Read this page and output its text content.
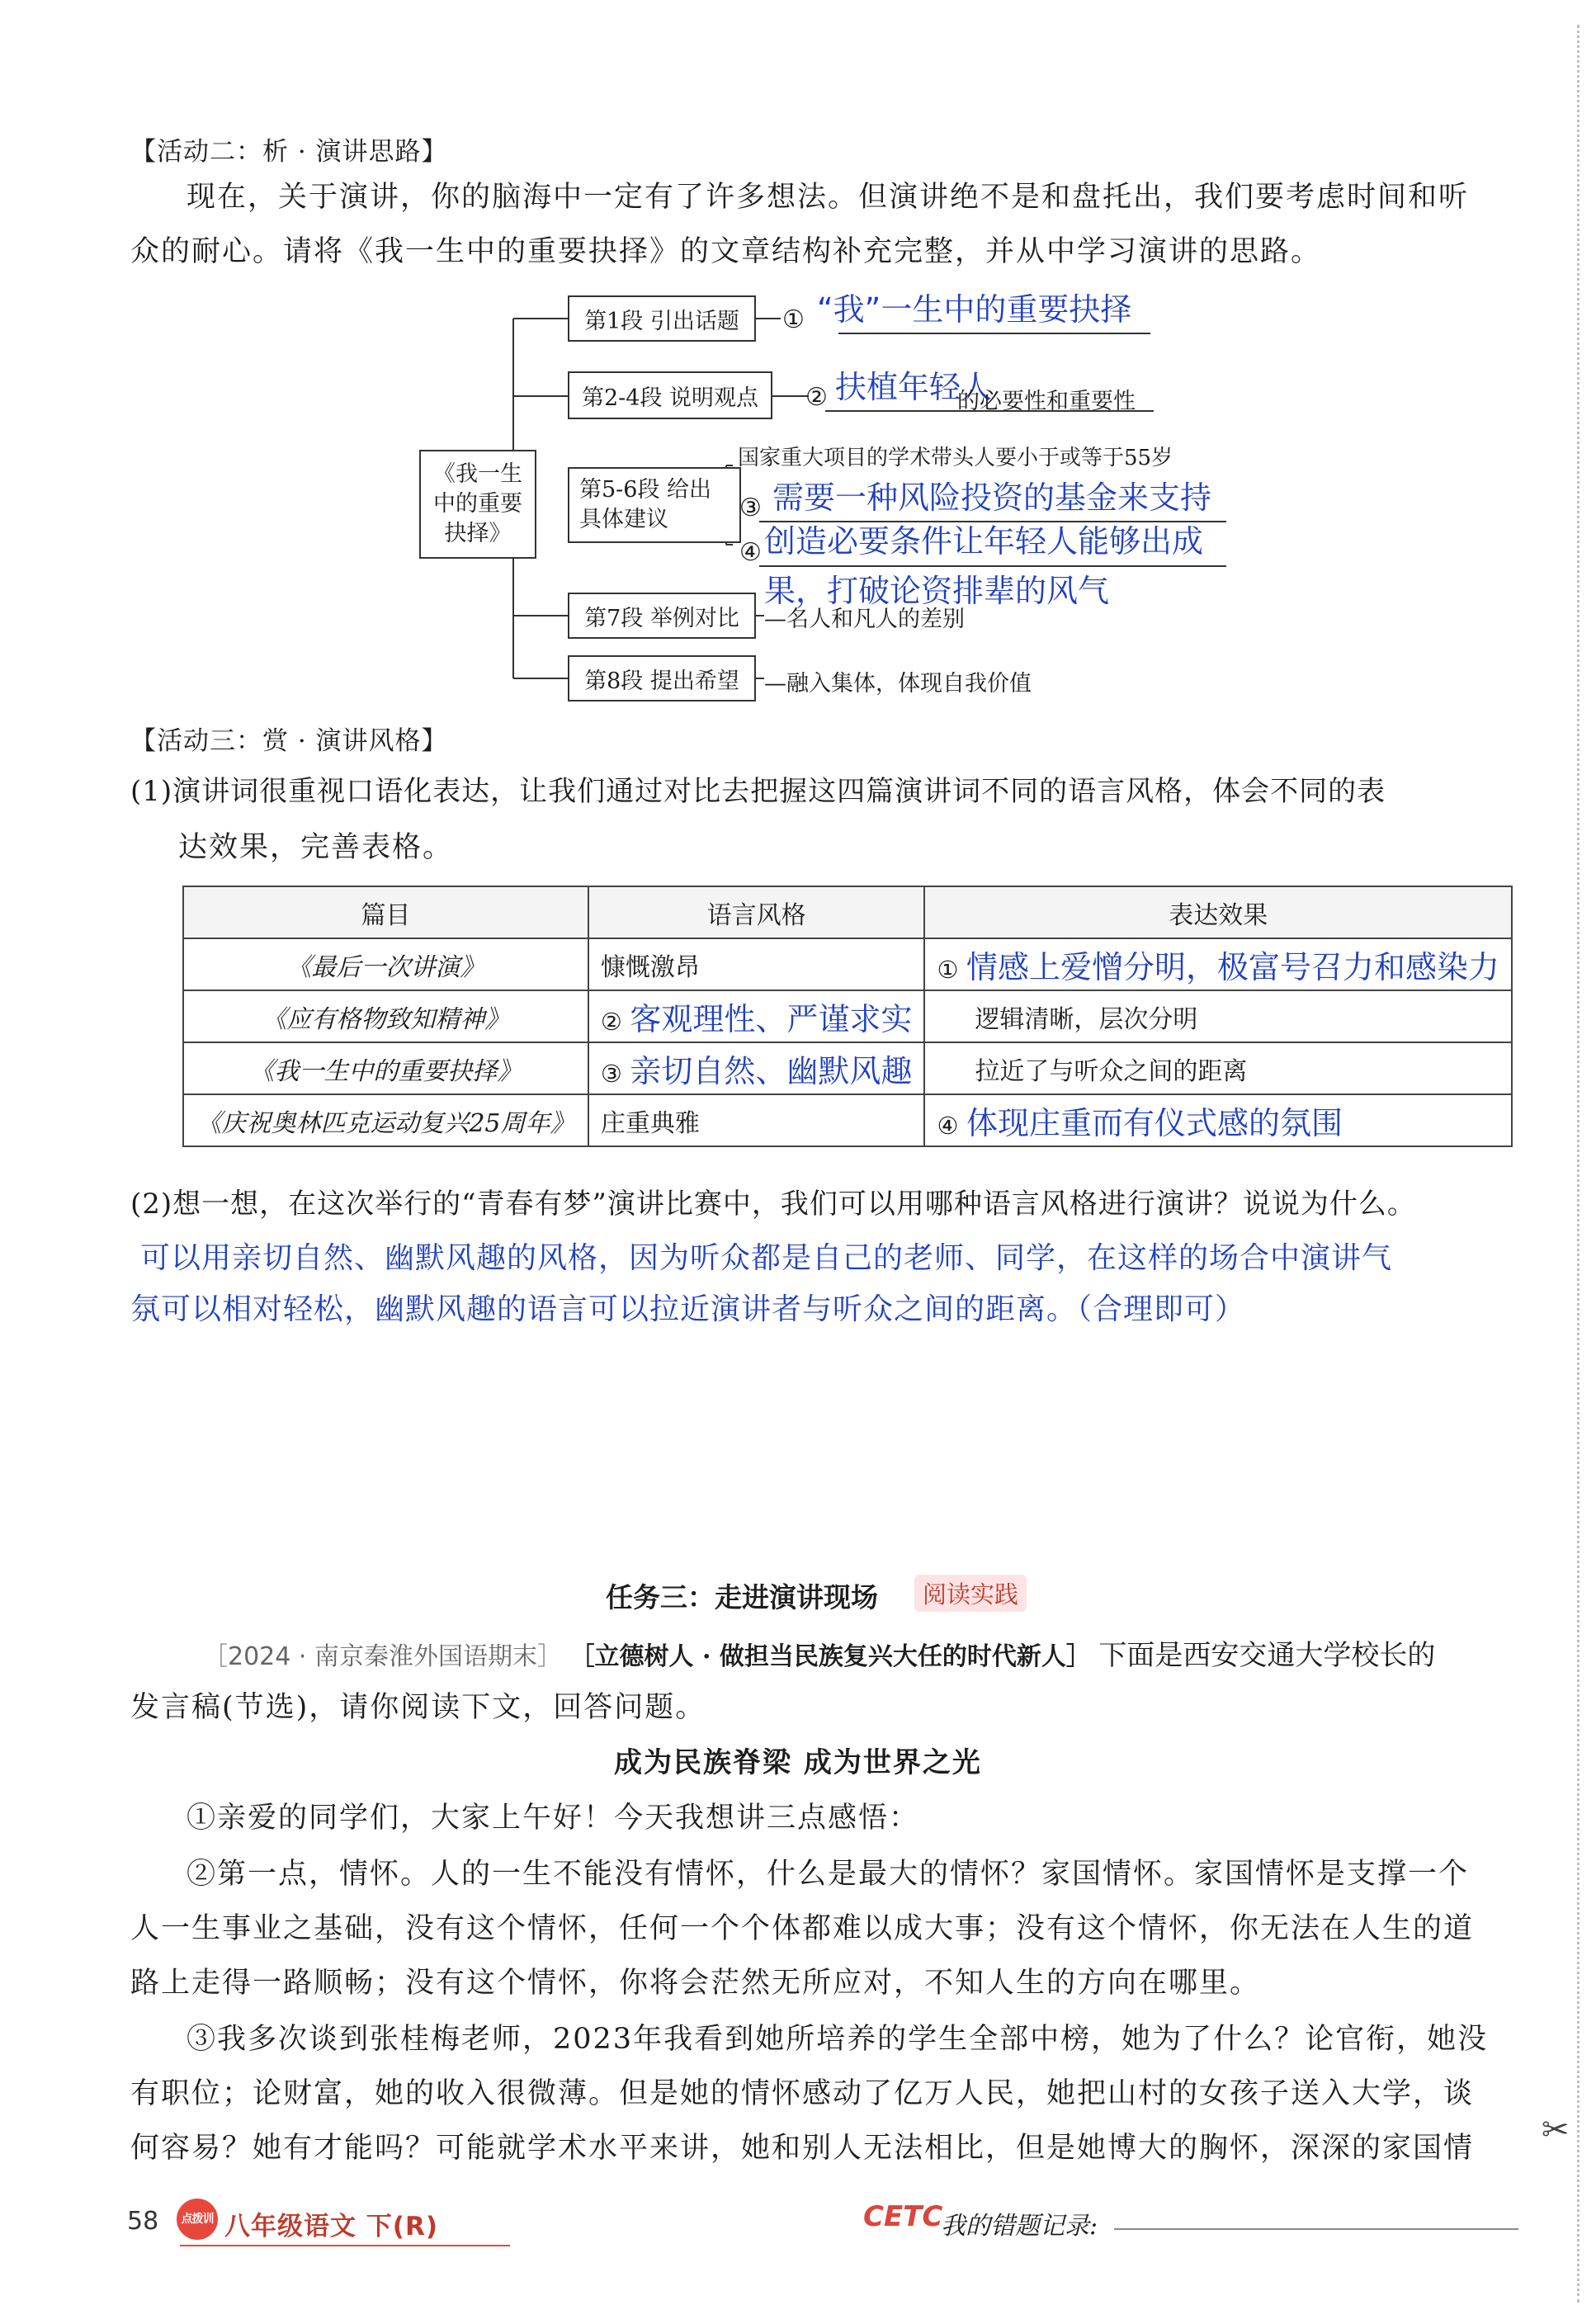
✂
【活动二：析 · 演讲思路】
现在，关于演讲，你的脑海中一定有了许多想法。但演讲绝不是和盘托出，我们要考虑时间和听
众的耐心。请将《我一生中的重要抉择》的文章结构补充完整，并从中学习演讲的思路。
《我一生中的重要抉择》
第1段 引出话题 ① “我”一生中的重要抉择
第2-4段 说明观点 ② 扶植年轻人
的必要性和重要性
第5-6段 给出具体建议
国家重大项目的学术带头人要小于或等于55岁
③ 需要一种风险投资的基金来支持
④ 创造必要条件让年轻人能够出成果，打破论资排辈的风气
第7段 举例对比 —名人和凡人的差别
第8段 提出希望 —融入集体，体现自我价值
【活动三：赏 · 演讲风格】
(1)演讲词很重视口语化表达，让我们通过对比去把握这四篇演讲词不同的语言风格，体会不同的表
达效果，完善表格。
篇目	语言风格	表达效果
《最后一次讲演》	慷慨激昂	① 情感上爱憎分明，极富号召力和感染力
《应有格物致知精神》	② 客观理性、严谨求实	逻辑清晰，层次分明
《我一生中的重要抉择》	③ 亲切自然、幽默风趣	拉近了与听众之间的距离
《庆祝奥林匹克运动复兴25周年》	庄重典雅	④ 体现庄重而有仪式感的氛围
(2)想一想，在这次举行的“青春有梦”演讲比赛中，我们可以用哪种语言风格进行演讲？说说为什么。
可以用亲切自然、幽默风趣的风格，因为听众都是自己的老师、同学，在这样的场合中演讲气
氛可以相对轻松，幽默风趣的语言可以拉近演讲者与听众之间的距离。（合理即可）
任务三：走进演讲现场	阅读实践
［2024 · 南京秦淮外国语期末］ ［立德树人 · 做担当民族复兴大任的时代新人］ 下面是西安交通大学校长的
发言稿(节选)，请你阅读下文，回答问题。
成为民族脊梁 成为世界之光
①亲爱的同学们，大家上午好！今天我想讲三点感悟：
②第一点，情怀。人的一生不能没有情怀，什么是最大的情怀？家国情怀。家国情怀是支撑一个
人一生事业之基础，没有这个情怀，任何一个个体都难以成大事；没有这个情怀，你无法在人生的道
路上走得一路顺畅；没有这个情怀，你将会茫然无所应对，不知人生的方向在哪里。
③我多次谈到张桂梅老师，2023年我看到她所培养的学生全部中榜，她为了什么？论官衔，她没
有职位；论财富，她的收入很微薄。但是她的情怀感动了亿万人民，她把山村的女孩子送入大学，谈
何容易？她有才能吗？可能就学术水平来讲，她和别人无法相比，但是她博大的胸怀，深深的家国情
58	点拨训练
八年级语文 下(R)	CETC
我的错题记录:
